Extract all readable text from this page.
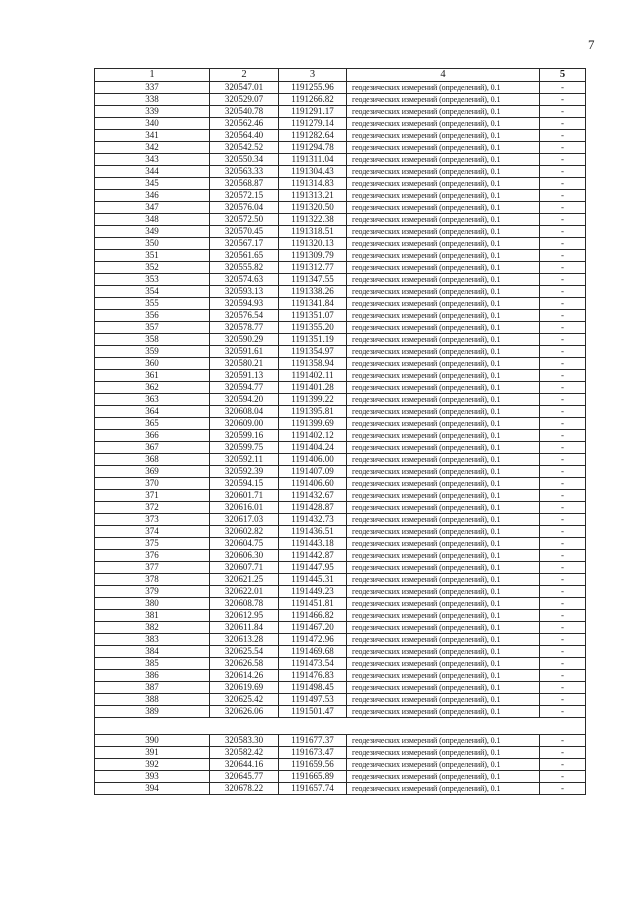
7
1	2	3	4	5
337	320547.01	1191255.96	геодезических измерений (определений), 0.1	-
338	320529.07	1191266.82	геодезических измерений (определений), 0.1	-
339	320540.78	1191291.17	геодезических измерений (определений), 0.1	-
340	320562.46	1191279.14	геодезических измерений (определений), 0.1	-
341	320564.40	1191282.64	геодезических измерений (определений), 0.1	-
342	320542.52	1191294.78	геодезических измерений (определений), 0.1	-
343	320550.34	1191311.04	геодезических измерений (определений), 0.1	-
344	320563.33	1191304.43	геодезических измерений (определений), 0.1	-
345	320568.87	1191314.83	геодезических измерений (определений), 0.1	-
346	320572.15	1191313.21	геодезических измерений (определений), 0.1	-
347	320576.04	1191320.50	геодезических измерений (определений), 0.1	-
348	320572.50	1191322.38	геодезических измерений (определений), 0.1	-
349	320570.45	1191318.51	геодезических измерений (определений), 0.1	-
350	320567.17	1191320.13	геодезических измерений (определений), 0.1	-
351	320561.65	1191309.79	геодезических измерений (определений), 0.1	-
352	320555.82	1191312.77	геодезических измерений (определений), 0.1	-
353	320574.63	1191347.55	геодезических измерений (определений), 0.1	-
354	320593.13	1191338.26	геодезических измерений (определений), 0.1	-
355	320594.93	1191341.84	геодезических измерений (определений), 0.1	-
356	320576.54	1191351.07	геодезических измерений (определений), 0.1	-
357	320578.77	1191355.20	геодезических измерений (определений), 0.1	-
358	320590.29	1191351.19	геодезических измерений (определений), 0.1	-
359	320591.61	1191354.97	геодезических измерений (определений), 0.1	-
360	320580.21	1191358.94	геодезических измерений (определений), 0.1	-
361	320591.13	1191402.11	геодезических измерений (определений), 0.1	-
362	320594.77	1191401.28	геодезических измерений (определений), 0.1	-
363	320594.20	1191399.22	геодезических измерений (определений), 0.1	-
364	320608.04	1191395.81	геодезических измерений (определений), 0.1	-
365	320609.00	1191399.69	геодезических измерений (определений), 0.1	-
366	320599.16	1191402.12	геодезических измерений (определений), 0.1	-
367	320599.75	1191404.24	геодезических измерений (определений), 0.1	-
368	320592.11	1191406.00	геодезических измерений (определений), 0.1	-
369	320592.39	1191407.09	геодезических измерений (определений), 0.1	-
370	320594.15	1191406.60	геодезических измерений (определений), 0.1	-
371	320601.71	1191432.67	геодезических измерений (определений), 0.1	-
372	320616.01	1191428.87	геодезических измерений (определений), 0.1	-
373	320617.03	1191432.73	геодезических измерений (определений), 0.1	-
374	320602.82	1191436.51	геодезических измерений (определений), 0.1	-
375	320604.75	1191443.18	геодезических измерений (определений), 0.1	-
376	320606.30	1191442.87	геодезических измерений (определений), 0.1	-
377	320607.71	1191447.95	геодезических измерений (определений), 0.1	-
378	320621.25	1191445.31	геодезических измерений (определений), 0.1	-
379	320622.01	1191449.23	геодезических измерений (определений), 0.1	-
380	320608.78	1191451.81	геодезических измерений (определений), 0.1	-
381	320612.95	1191466.82	геодезических измерений (определений), 0.1	-
382	320611.84	1191467.20	геодезических измерений (определений), 0.1	-
383	320613.28	1191472.96	геодезических измерений (определений), 0.1	-
384	320625.54	1191469.68	геодезических измерений (определений), 0.1	-
385	320626.58	1191473.54	геодезических измерений (определений), 0.1	-
386	320614.26	1191476.83	геодезических измерений (определений), 0.1	-
387	320619.69	1191498.45	геодезических измерений (определений), 0.1	-
388	320625.42	1191497.53	геодезических измерений (определений), 0.1	-
389	320626.06	1191501.47	геодезических измерений (определений), 0.1	-

390	320583.30	1191677.37	геодезических измерений (определений), 0.1	-
391	320582.42	1191673.47	геодезических измерений (определений), 0.1	-
392	320644.16	1191659.56	геодезических измерений (определений), 0.1	-
393	320645.77	1191665.89	геодезических измерений (определений), 0.1	-
394	320678.22	1191657.74	геодезических измерений (определений), 0.1	-
